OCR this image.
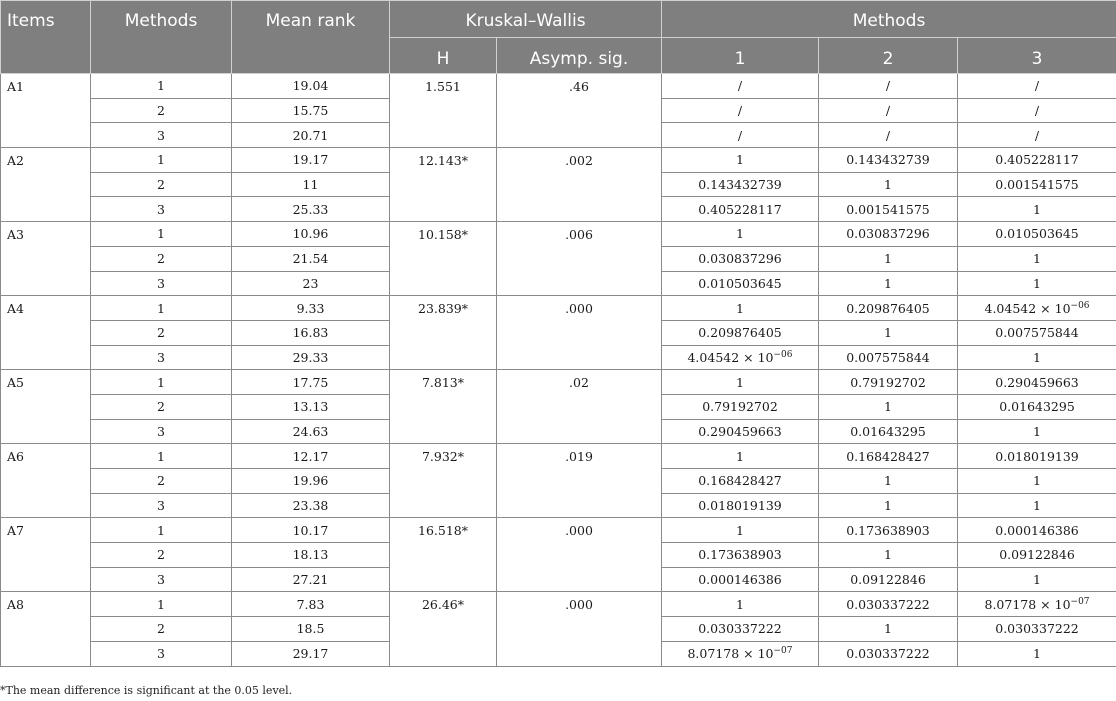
Items	Methods	Mean rank	Kruskal–Wallis		Methods		
			H	Asymp. sig.	1	2	3
A1	1	19.04	1.551	.46	/	/	/
	2	15.75			/	/	/
	3	20.71			/	/	/
A2	1	19.17	12.143*	.002	1	0.143432739	0.405228117
	2	11			0.143432739	1	0.001541575
	3	25.33			0.405228117	0.001541575	1
A3	1	10.96	10.158*	.006	1	0.030837296	0.010503645
	2	21.54			0.030837296	1	1
	3	23			0.010503645	1	1
A4	1	9.33	23.839*	.000	1	0.209876405	$4.04542 \times 10^{-06}$
	2	16.83			0.209876405	1	0.007575844
	3	29.33			$4.04542 \times 10^{-06}$	0.007575844	1
A5	1	17.75	7.813*	.02	1	0.79192702	0.290459663
	2	13.13			0.79192702	1	0.01643295
	3	24.63			0.290459663	0.01643295	1
A6	1	12.17	7.932*	.019	1	0.168428427	0.018019139
	2	19.96			0.168428427	1	1
	3	23.38			0.018019139	1	1
A7	1	10.17	16.518*	.000	1	0.173638903	0.000146386
	2	18.13			0.173638903	1	0.09122846
	3	27.21			0.000146386	0.09122846	1
A8	1	7.83	26.46*	.000	1	0.030337222	$8.07178 \times 10^{-07}$
	2	18.5			0.030337222	1	0.030337222
	3	29.17			$8.07178 \times 10^{-07}$	0.030337222	1
*The mean difference is significant at the 0.05 level.
